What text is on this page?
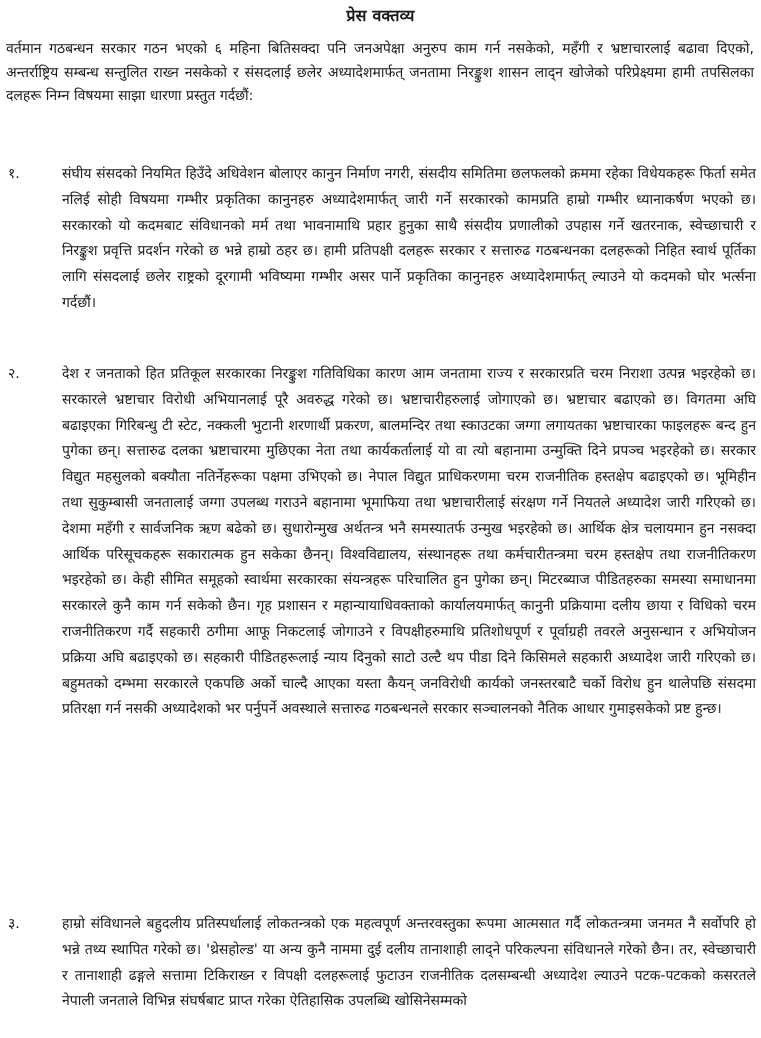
प्रेस वक्तव्य

वर्तमान गठबन्धन सरकार गठन भएको ६ महिना बितिसक्दा पनि जनअपेक्षा अनुरुप काम गर्न नसकेको, महँगी र भ्रष्टाचारलाई बढावा दिएको, अन्तर्राष्ट्रिय सम्बन्ध सन्तुलित राख्न नसकेको र संसदलाई छलेर अध्यादेशमार्फत् जनतामा निरङ्कुश शासन लाद्न खोजेको परिप्रेक्ष्यमा हामी तपसिलका दलहरू निम्न विषयमा साझा धारणा प्रस्तुत गर्दछौं:

१.	संघीय संसदको नियमित हिउँदे अधिवेशन बोलाएर कानुन निर्माण नगरी, संसदीय समितिमा छलफलको क्रममा रहेका विधेयकहरू फिर्ता समेत नलिई सोही विषयमा गम्भीर प्रकृतिका कानुनहरु अध्यादेशमार्फत् जारी गर्ने सरकारको कामप्रति हाम्रो गम्भीर ध्यानाकर्षण भएको छ। सरकारको यो कदमबाट संविधानको मर्म तथा भावनामाथि प्रहार हुनुका साथै संसदीय प्रणालीको उपहास गर्ने खतरनाक, स्वेच्छाचारी र निरङ्कुश प्रवृत्ति प्रदर्शन गरेको छ भन्ने हाम्रो ठहर छ। हामी प्रतिपक्षी दलहरू सरकार र सत्तारुढ गठबन्धनका दलहरूको निहित स्वार्थ पूर्तिका लागि संसदलाई छलेर राष्ट्रको दूरगामी भविष्यमा गम्भीर असर पार्ने प्रकृतिका कानुनहरु अध्यादेशमार्फत् ल्याउने यो कदमको घोर भर्त्सना गर्दछौं।

२.	देश र जनताको हित प्रतिकूल सरकारका निरङ्कुश गतिविधिका कारण आम जनतामा राज्य र सरकारप्रति चरम निराशा उत्पन्न भइरहेको छ। सरकारले भ्रष्टाचार विरोधी अभियानलाई पूरै अवरुद्ध गरेको छ। भ्रष्टाचारीहरुलाई जोगाएको छ। भ्रष्टाचार बढाएको छ। विगतमा अघि बढाइएका गिरिबन्धु टी स्टेट, नक्कली भुटानी शरणार्थी प्रकरण, बालमन्दिर तथा स्काउटका जग्गा लगायतका भ्रष्टाचारका फाइलहरू बन्द हुन पुगेका छन्। सत्तारुढ दलका भ्रष्टाचारमा मुछिएका नेता तथा कार्यकर्तालाई यो वा त्यो बहानामा उन्मुक्ति दिने प्रपञ्च भइरहेको छ। सरकार विद्युत महसुलको बक्यौता नतिर्नेहरूका पक्षमा उभिएको छ। नेपाल विद्युत प्राधिकरणमा चरम राजनीतिक हस्तक्षेप बढाइएको छ। भूमिहीन तथा सुकुम्बासी जनतालाई जग्गा उपलब्ध गराउने बहानामा भूमाफिया तथा भ्रष्टाचारीलाई संरक्षण गर्ने नियतले अध्यादेश जारी गरिएको छ। देशमा महँगी र सार्वजनिक ऋण बढेको छ। सुधारोन्मुख अर्थतन्त्र भनै समस्यातर्फ उन्मुख भइरहेको छ। आर्थिक क्षेत्र चलायमान हुन नसक्दा आर्थिक परिसूचकहरू सकारात्मक हुन सकेका छैनन्। विश्वविद्यालय, संस्थानहरू तथा कर्मचारीतन्त्रमा चरम हस्तक्षेप तथा राजनीतिकरण भइरहेको छ। केही सीमित समूहको स्वार्थमा सरकारका संयन्त्रहरू परिचालित हुन पुगेका छन्। मिटरब्याज पीडितहरुका समस्या समाधानमा सरकारले कुनै काम गर्न सकेको छैन। गृह प्रशासन र महान्यायाधिवक्ताको कार्यालयमार्फत् कानुनी प्रक्रियामा दलीय छाया र विधिको चरम राजनीतिकरण गर्दै सहकारी ठगीमा आफू निकटलाई जोगाउने र विपक्षीहरुमाथि प्रतिशोधपूर्ण र पूर्वाग्रही तवरले अनुसन्धान र अभियोजन प्रक्रिया अघि बढाइएको छ। सहकारी पीडितहरूलाई न्याय दिनुको साटो उल्टै थप पीडा दिने किसिमले सहकारी अध्यादेश जारी गरिएको छ। बहुमतको दम्भमा सरकारले एकपछि अर्को चाल्दै आएका यस्ता कैयन् जनविरोधी कार्यको जनस्तरबाटै चर्को विरोध हुन थालेपछि संसदमा प्रतिरक्षा गर्न नसकी अध्यादेशको भर पर्नुपर्ने अवस्थाले सत्तारुढ गठबन्धनले सरकार सञ्चालनको नैतिक आधार गुमाइसकेको प्रष्ट हुन्छ।

३.	हाम्रो संविधानले बहुदलीय प्रतिस्पर्धालाई लोकतन्त्रको एक महत्वपूर्ण अन्तरवस्तुका रूपमा आत्मसात गर्दै लोकतन्त्रमा जनमत नै सर्वोपरि हो भन्ने तथ्य स्थापित गरेको छ। 'थ्रेसहोल्ड' या अन्य कुनै नाममा दुई दलीय तानाशाही लाद्ने परिकल्पना संविधानले गरेको छैन। तर, स्वेच्छाचारी र तानाशाही ढङ्गले सत्तामा टिकिराख्न र विपक्षी दलहरूलाई फुटाउन राजनीतिक दलसम्बन्धी अध्यादेश ल्याउने पटक-पटकको कसरतले नेपाली जनताले विभिन्न संघर्षबाट प्राप्त गरेका ऐतिहासिक उपलब्धि खोसिनेसम्मको
